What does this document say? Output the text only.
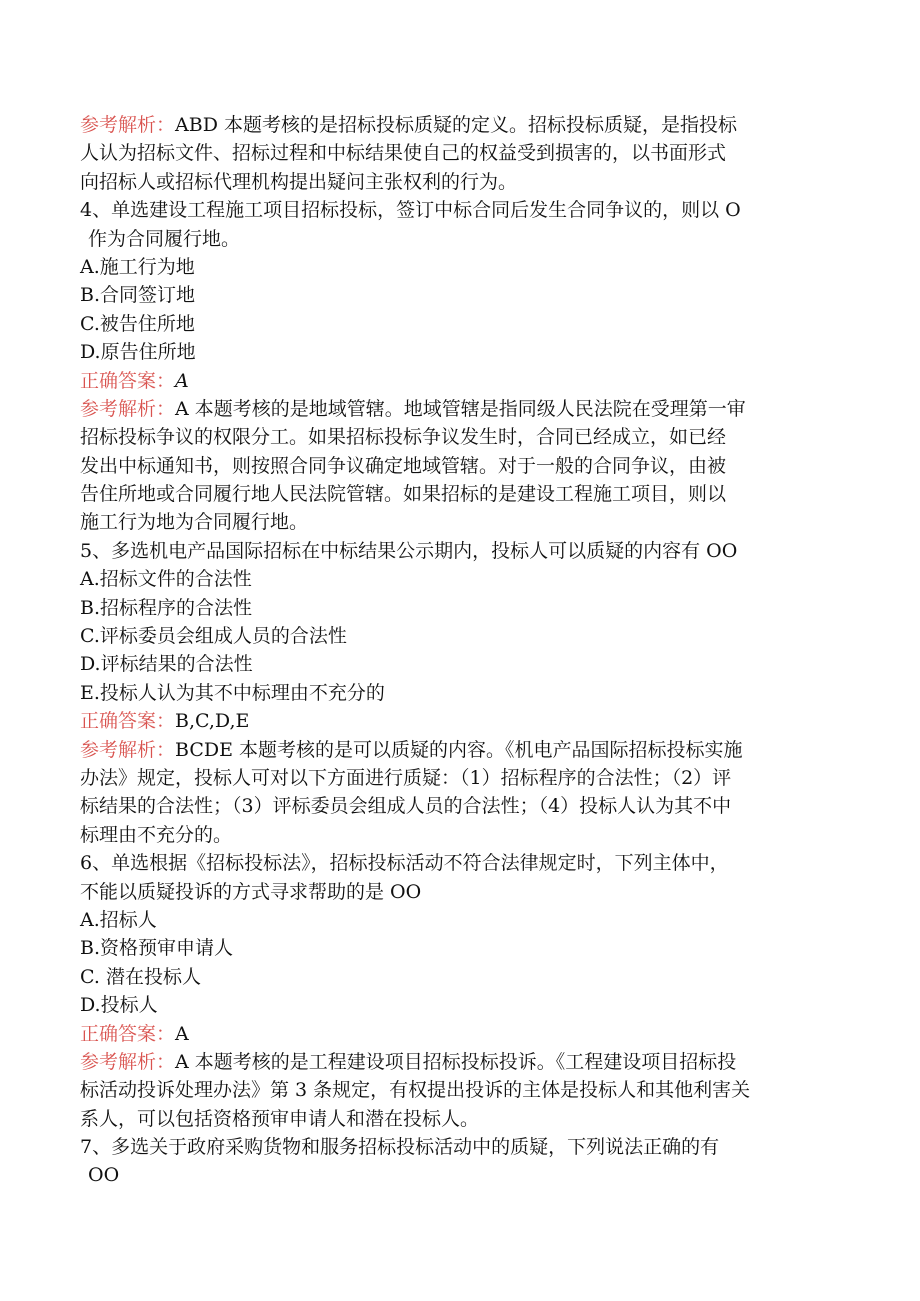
参考解析：ABD 本题考核的是招标投标质疑的定义。招标投标质疑，是指投标
人认为招标文件、招标过程和中标结果使自己的权益受到损害的，以书面形式
向招标人或招标代理机构提出疑问主张权利的行为。
4、单选建设工程施工项目招标投标，签订中标合同后发生合同争议的，则以 O
作为合同履行地。
A.施工行为地
B.合同签订地
C.被告住所地
D.原告住所地
正确答案：A
参考解析：A 本题考核的是地域管辖。地域管辖是指同级人民法院在受理第一审
招标投标争议的权限分工。如果招标投标争议发生时，合同已经成立，如已经
发出中标通知书，则按照合同争议确定地域管辖。对于一般的合同争议，由被
告住所地或合同履行地人民法院管辖。如果招标的是建设工程施工项目，则以
施工行为地为合同履行地。
5、多选机电产品国际招标在中标结果公示期内，投标人可以质疑的内容有 OO
A.招标文件的合法性
B.招标程序的合法性
C.评标委员会组成人员的合法性
D.评标结果的合法性
E.投标人认为其不中标理由不充分的
正确答案：B,C,D,E
参考解析：BCDE 本题考核的是可以质疑的内容。《机电产品国际招标投标实施
办法》规定，投标人可对以下方面进行质疑：（1）招标程序的合法性；（2）评
标结果的合法性；（3）评标委员会组成人员的合法性；（4）投标人认为其不中
标理由不充分的。
6、单选根据《招标投标法》，招标投标活动不符合法律规定时，下列主体中，
不能以质疑投诉的方式寻求帮助的是 OO
A.招标人
B.资格预审申请人
C. 潜在投标人
D.投标人
正确答案：A
参考解析：A 本题考核的是工程建设项目招标投标投诉。《工程建设项目招标投
标活动投诉处理办法》第 3 条规定，有权提出投诉的主体是投标人和其他利害关
系人，可以包括资格预审申请人和潜在投标人。
7、多选关于政府采购货物和服务招标投标活动中的质疑，下列说法正确的有
OO
